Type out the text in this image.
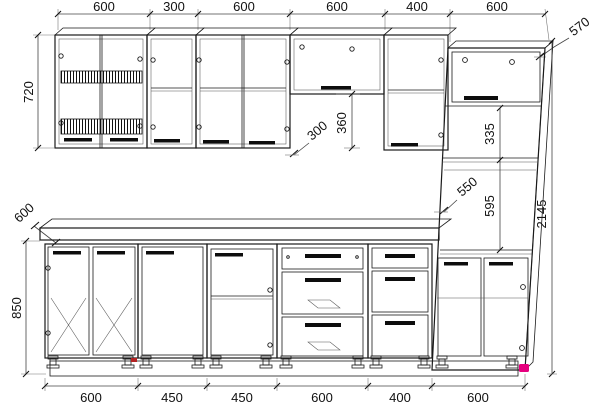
600	300	600	600	400	600
720
600
850
570
2145
300 360
335
595
550
600	450	450	600	400	600
